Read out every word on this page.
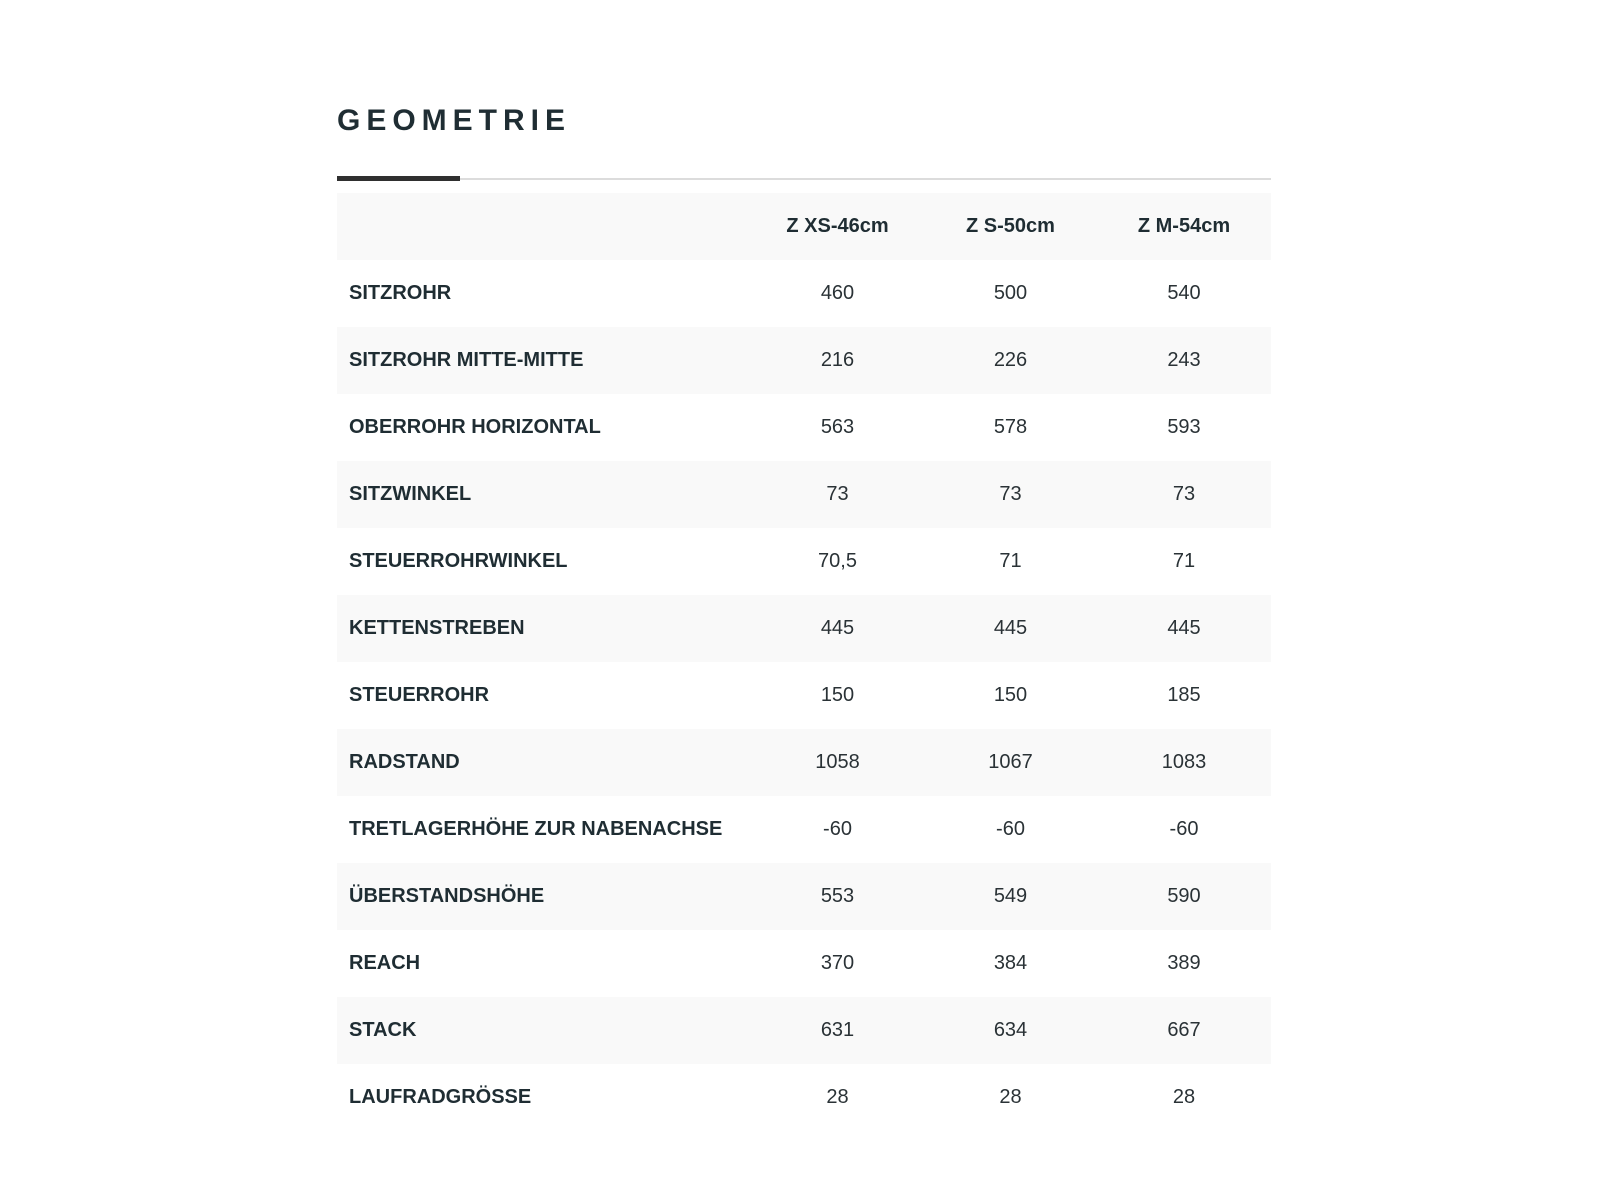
GEOMETRIE
	Z XS-46cm	Z S-50cm	Z M-54cm
SITZROHR	460	500	540
SITZROHR MITTE-MITTE	216	226	243
OBERROHR HORIZONTAL	563	578	593
SITZWINKEL	73	73	73
STEUERROHRWINKEL	70,5	71	71
KETTENSTREBEN	445	445	445
STEUERROHR	150	150	185
RADSTAND	1058	1067	1083
TRETLAGERHÖHE ZUR NABENACHSE	-60	-60	-60
ÜBERSTANDSHÖHE	553	549	590
REACH	370	384	389
STACK	631	634	667
LAUFRADGRÖSSE	28	28	28
